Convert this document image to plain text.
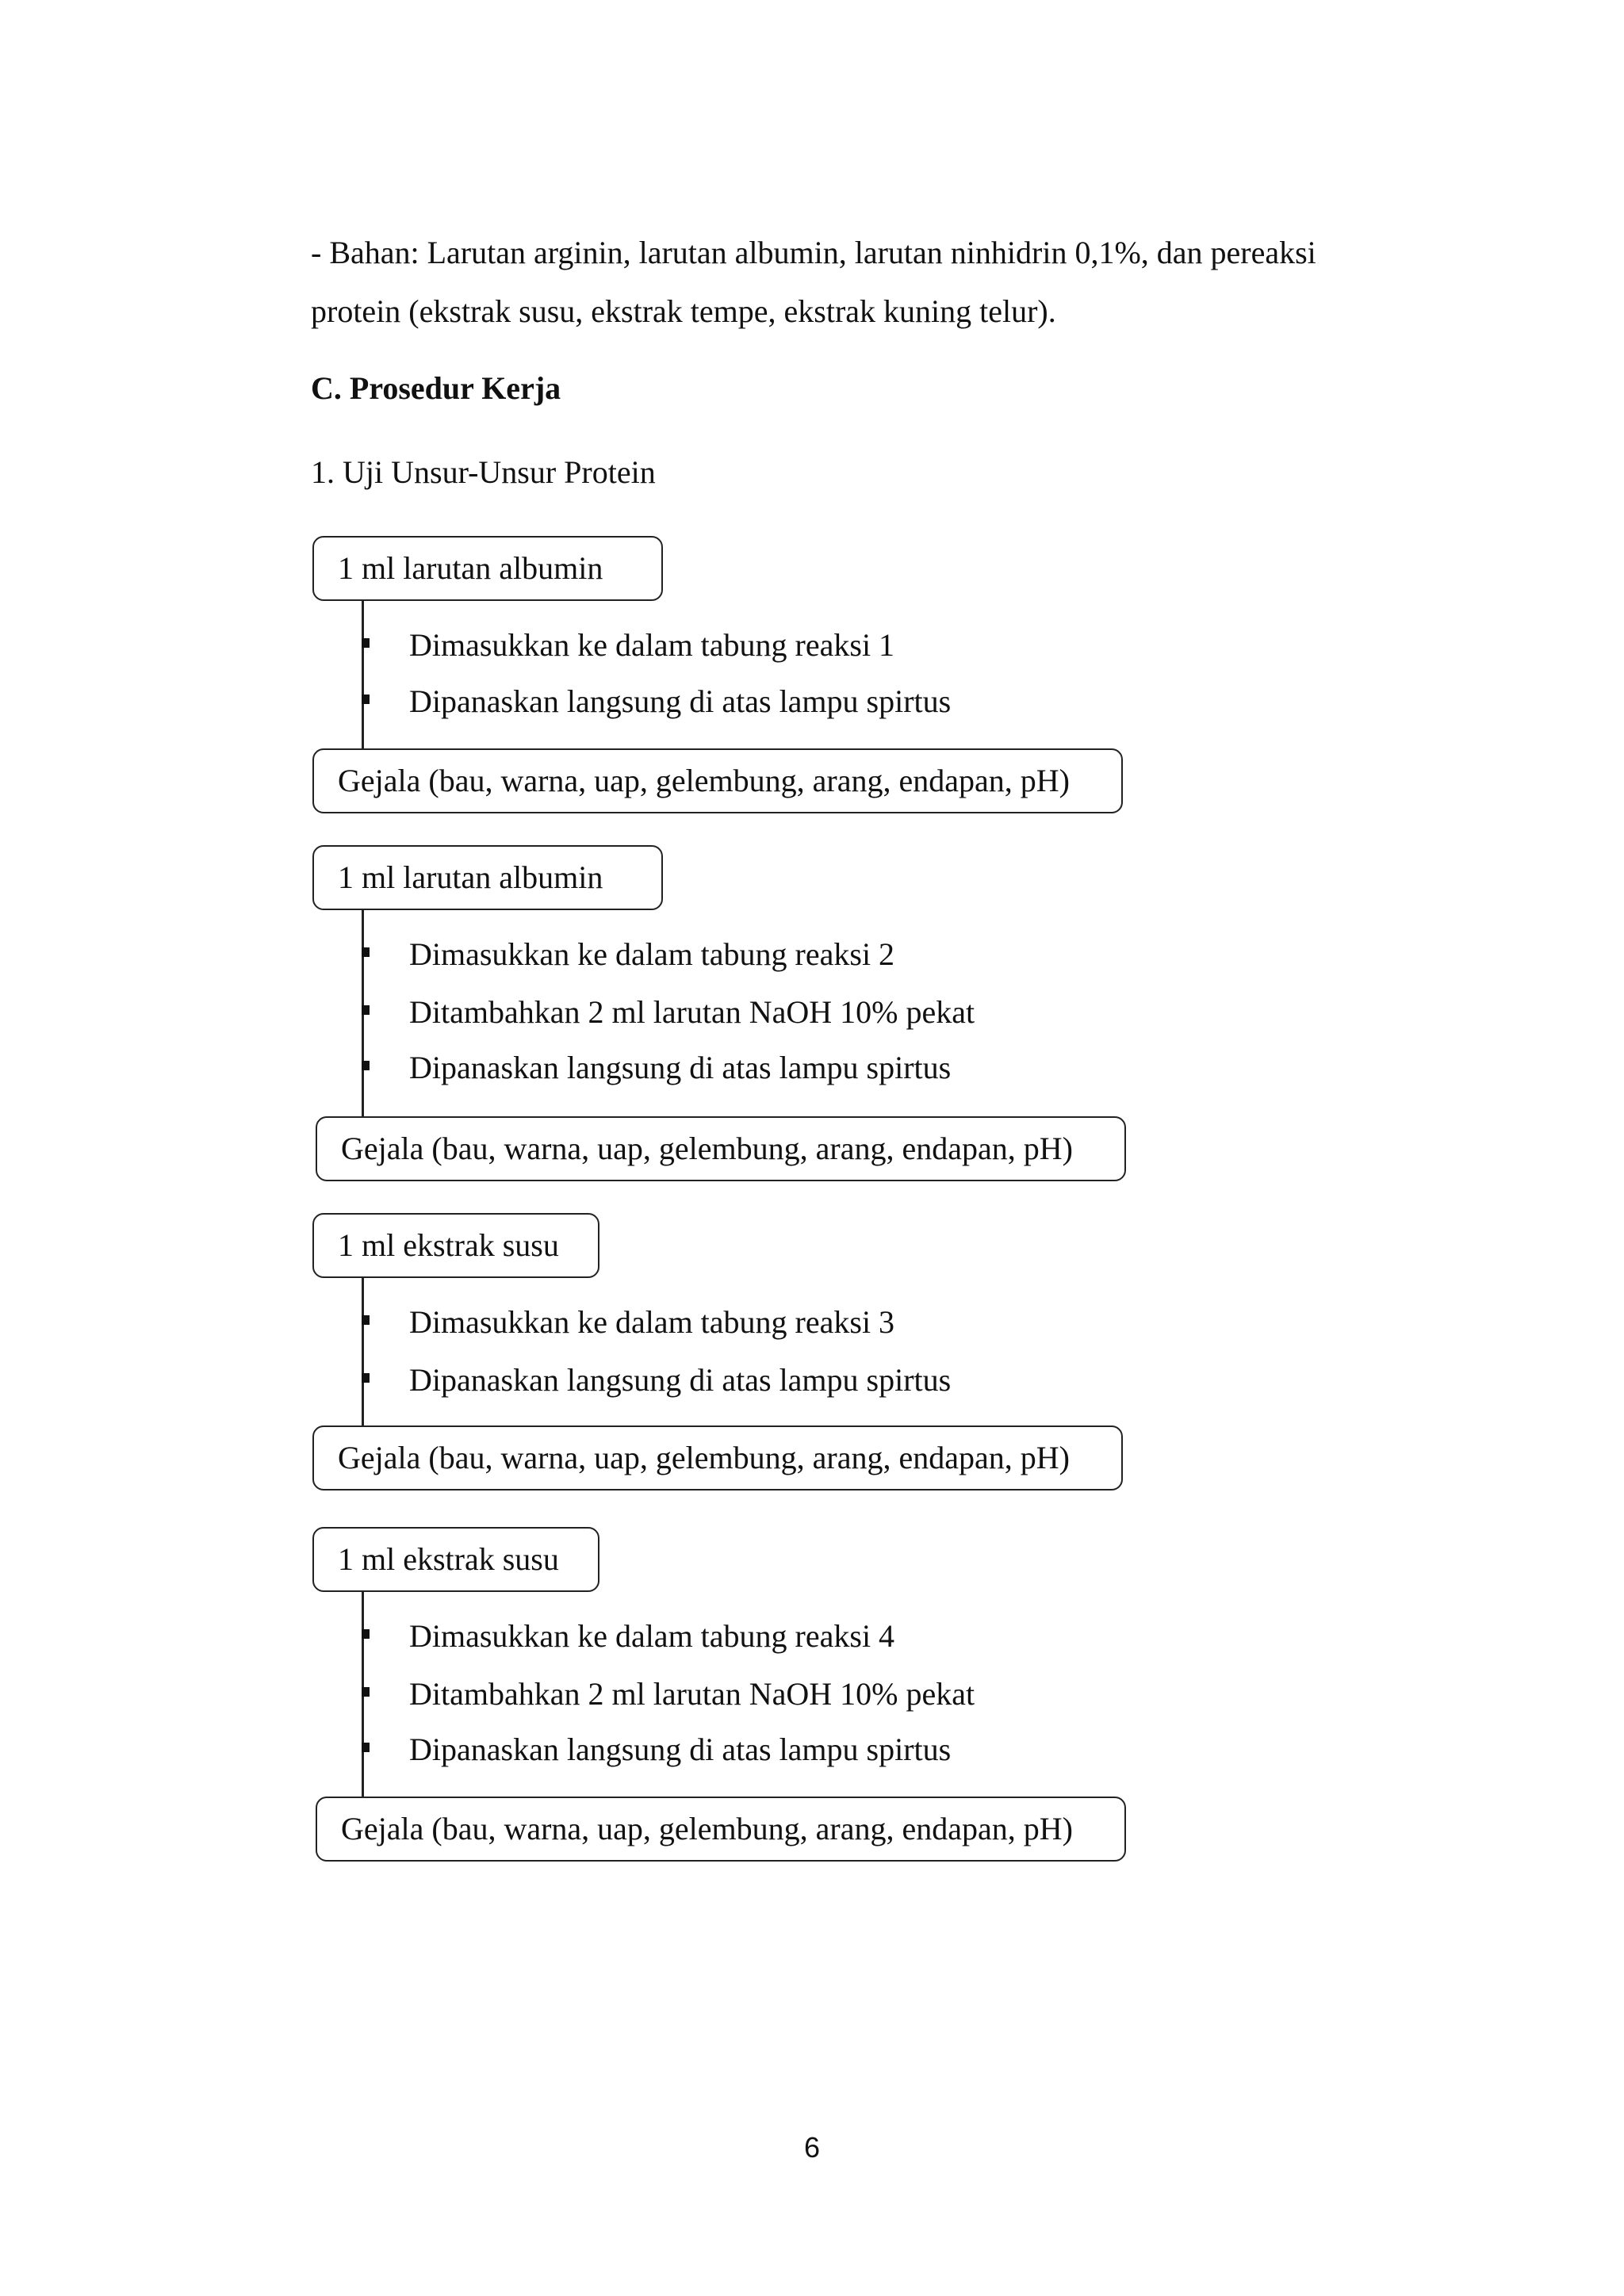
- Bahan: Larutan arginin, larutan albumin, larutan ninhidrin 0,1%, dan pereaksi
protein (ekstrak susu, ekstrak tempe, ekstrak kuning telur).
C. Prosedur Kerja
1. Uji Unsur-Unsur Protein
1 ml larutan albumin
Dimasukkan ke dalam tabung reaksi 1
Dipanaskan langsung di atas lampu spirtus
Gejala (bau, warna, uap, gelembung, arang, endapan, pH)
1 ml larutan albumin
Dimasukkan ke dalam tabung reaksi 2
Ditambahkan 2 ml larutan NaOH 10% pekat
Dipanaskan langsung di atas lampu spirtus
Gejala (bau, warna, uap, gelembung, arang, endapan, pH)
1 ml ekstrak susu
Dimasukkan ke dalam tabung reaksi 3
Dipanaskan langsung di atas lampu spirtus
Gejala (bau, warna, uap, gelembung, arang, endapan, pH)
1 ml ekstrak susu
Dimasukkan ke dalam tabung reaksi 4
Ditambahkan 2 ml larutan NaOH 10% pekat
Dipanaskan langsung di atas lampu spirtus
Gejala (bau, warna, uap, gelembung, arang, endapan, pH)
6
